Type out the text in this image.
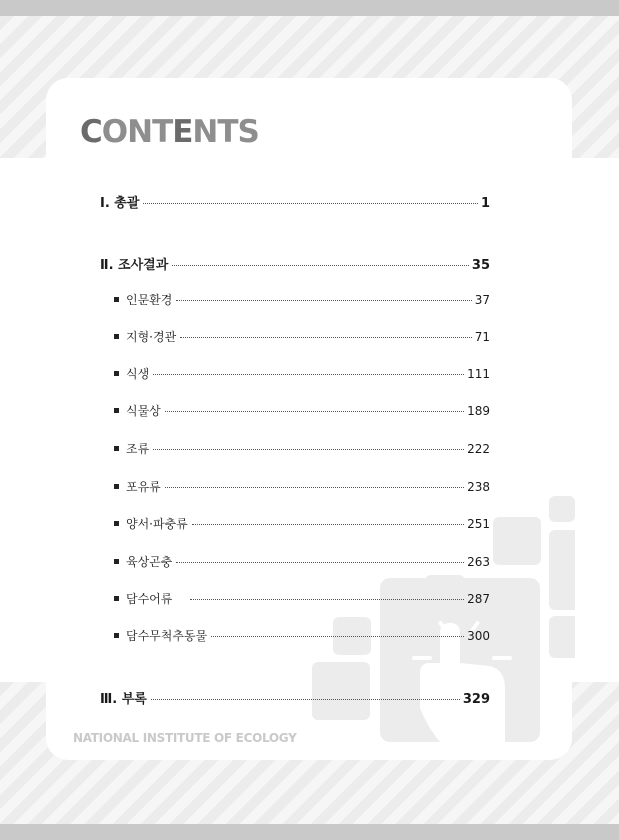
CONTENTS
Ⅰ. 총괄	1
Ⅱ. 조사결과	35
인문환경	37
지형·경관	71
식생	111
식물상	189
조류	222
포유류	238
양서·파충류	251
육상곤충	263
담수어류	287
담수무척추동물	300
Ⅲ. 부록	329
NATIONAL INSTITUTE OF ECOLOGY
